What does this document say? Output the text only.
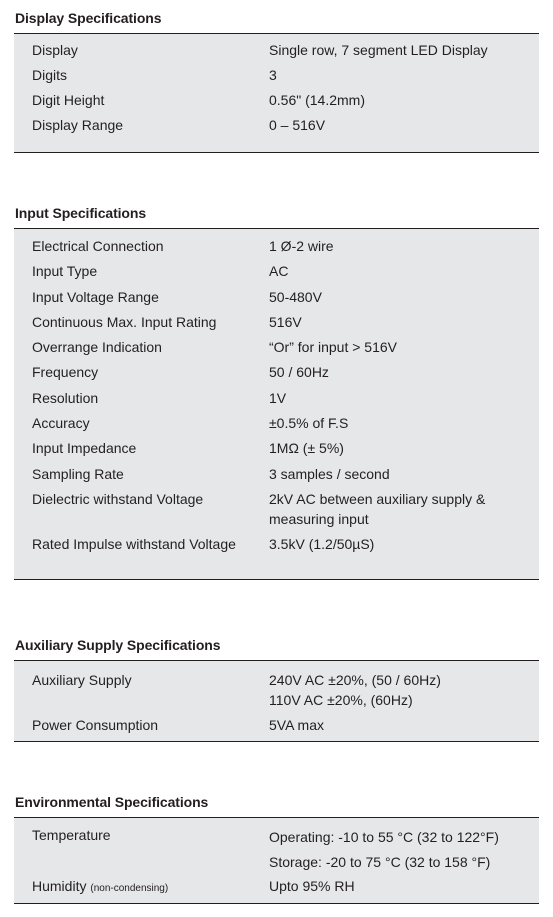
Display Specifications
Display	Single row, 7 segment LED Display
Digits	3
Digit Height	0.56" (14.2mm)
Display Range	0 – 516V
Input Specifications
Electrical Connection	1 Ø-2 wire
Input Type	AC
Input Voltage Range	50-480V
Continuous Max. Input Rating	516V
Overrange Indication	“Or” for input > 516V
Frequency	50 / 60Hz
Resolution	1V
Accuracy	±0.5% of F.S
Input Impedance	1MΩ (± 5%)
Sampling Rate	3 samples / second
Dielectric withstand Voltage	2kV AC between auxiliary supply &
measuring input
Rated Impulse withstand Voltage	3.5kV (1.2/50µS)
Auxiliary Supply Specifications
Auxiliary Supply	240V AC ±20%, (50 / 60Hz)
110V AC ±20%, (60Hz)
Power Consumption	5VA max
Environmental Specifications
Temperature	Operating: -10 to 55 °C (32 to 122°F)
Storage: -20 to 75 °C (32 to 158 °F)
Humidity (non-condensing)	Upto 95% RH
